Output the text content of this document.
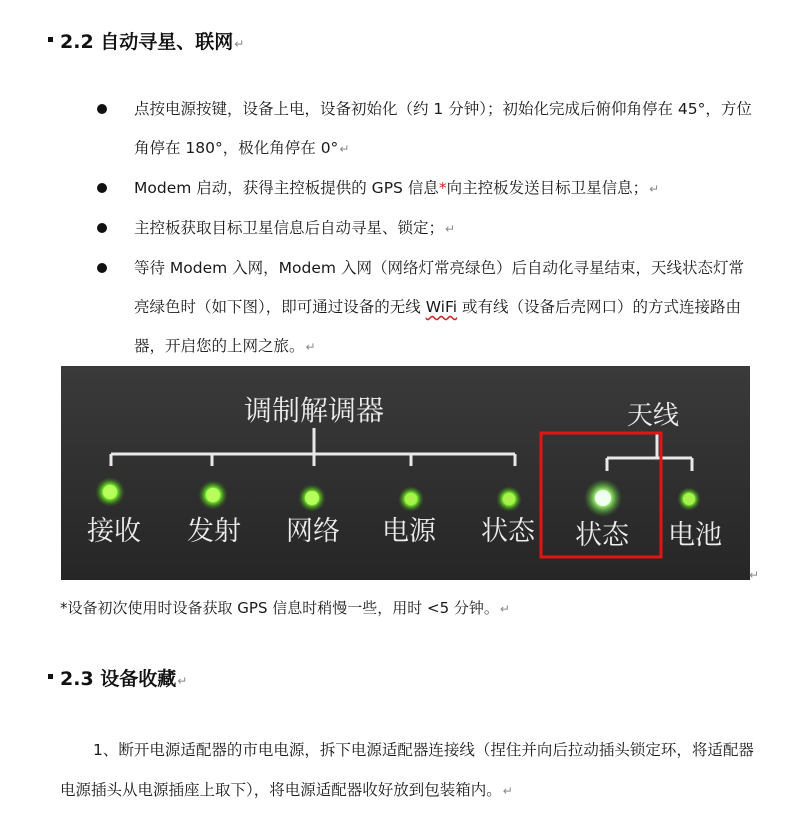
2.2 自动寻星、联网↵
点按电源按键，设备上电，设备初始化（约 1 分钟）；初始化完成后俯仰角停在 45°，方位角停在 180°，极化角停在 0°↵
Modem 启动，获得主控板提供的 GPS 信息*向主控板发送目标卫星信息；↵
主控板获取目标卫星信息后自动寻星、锁定；↵
等待 Modem 入网，Modem 入网（网络灯常亮绿色）后自动化寻星结束，天线状态灯常亮绿色时（如下图），即可通过设备的无线 WiFi 或有线（设备后壳网口）的方式连接路由器，开启您的上网之旅。↵
调制解调器	天线
接收 发射 网络 电源 状态 状态 电池
↵
*设备初次使用时设备获取 GPS 信息时稍慢一些，用时 <5 分钟。↵
2.3 设备收藏↵
1、断开电源适配器的市电电源，拆下电源适配器连接线（捏住并向后拉动插头锁定环，将适配器电源插头从电源插座上取下），将电源适配器收好放到包装箱内。↵
